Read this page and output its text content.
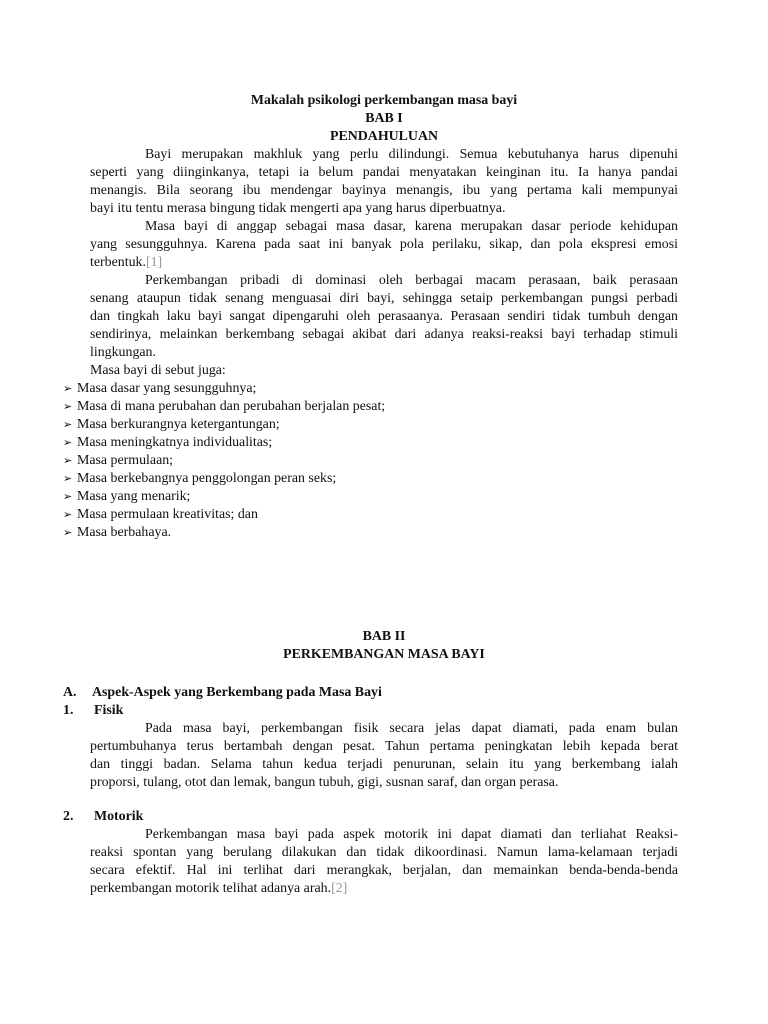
Makalah psikologi perkembangan masa bayi
BAB I
PENDAHULUAN
Bayi merupakan makhluk yang perlu dilindungi. Semua kebutuhanya harus dipenuhi
seperti yang diinginkanya, tetapi ia belum pandai menyatakan keinginan itu. Ia hanya pandai
menangis. Bila seorang ibu mendengar bayinya menangis, ibu yang pertama kali mempunyai
bayi itu tentu merasa bingung tidak mengerti apa yang harus diperbuatnya.
Masa bayi di anggap sebagai masa dasar, karena merupakan dasar periode kehidupan
yang sesungguhnya. Karena pada saat ini banyak pola perilaku, sikap, dan pola ekspresi emosi
terbentuk.[1]
Perkembangan pribadi di dominasi oleh berbagai macam perasaan, baik perasaan
senang ataupun tidak senang menguasai diri bayi, sehingga setaip perkembangan pungsi perbadi
dan tingkah laku bayi sangat dipengaruhi oleh perasaanya. Perasaan sendiri tidak tumbuh dengan
sendirinya, melainkan berkembang sebagai akibat dari adanya reaksi-reaksi bayi terhadap stimuli
lingkungan.
Masa bayi di sebut juga:
➢ Masa dasar yang sesungguhnya;
➢ Masa di mana perubahan dan perubahan berjalan pesat;
➢ Masa berkurangnya ketergantungan;
➢ Masa meningkatnya individualitas;
➢ Masa permulaan;
➢ Masa berkebangnya penggolongan peran seks;
➢ Masa yang menarik;
➢ Masa permulaan kreativitas; dan
➢ Masa berbahaya.
BAB II
PERKEMBANGAN MASA BAYI
A. Aspek-Aspek yang Berkembang pada Masa Bayi
1. Fisik
Pada masa bayi, perkembangan fisik secara jelas dapat diamati, pada enam bulan
pertumbuhanya terus bertambah dengan pesat. Tahun pertama peningkatan lebih kepada berat
dan tinggi badan. Selama tahun kedua terjadi penurunan, selain itu yang berkembang ialah
proporsi, tulang, otot dan lemak, bangun tubuh, gigi, susnan saraf, dan organ perasa.
2. Motorik
Perkembangan masa bayi pada aspek motorik ini dapat diamati dan terliahat Reaksi-
reaksi spontan yang berulang dilakukan dan tidak dikoordinasi. Namun lama-kelamaan terjadi
secara efektif. Hal ini terlihat dari merangkak, berjalan, dan memainkan benda-benda-benda
perkembangan motorik telihat adanya arah.[2]
